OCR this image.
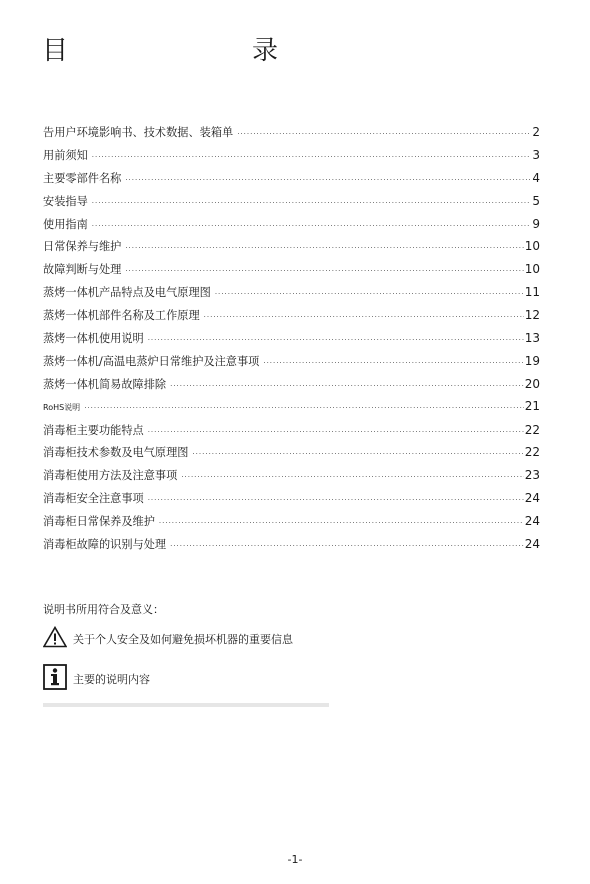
目　　录
告用户环境影响书、技术数据、装箱单 ·····	2
用前须知 ·····	3
主要零部件名称 ·····	4
安装指导 ·····	5
使用指南 ·····	9
日常保养与维护 ·····	10
故障判断与处理 ·····	10
蒸烤一体机产品特点及电气原理图 ·····	11
蒸烤一体机部件名称及工作原理 ·····	12
蒸烤一体机使用说明 ·····	13
蒸烤一体机/高温电蒸炉日常维护及注意事项 ·····	19
蒸烤一体机简易故障排除 ·····	20
RoHS说明 ·····	21
消毒柜主要功能特点 ·····	22
消毒柜技术参数及电气原理图 ·····	22
消毒柜使用方法及注意事项 ·····	23
消毒柜安全注意事项 ·····	24
消毒柜日常保养及维护 ·····	24
消毒柜故障的识别与处理 ·····	24
说明书所用符合及意义：
关于个人安全及如何避免损坏机器的重要信息
主要的说明内容
-1-
